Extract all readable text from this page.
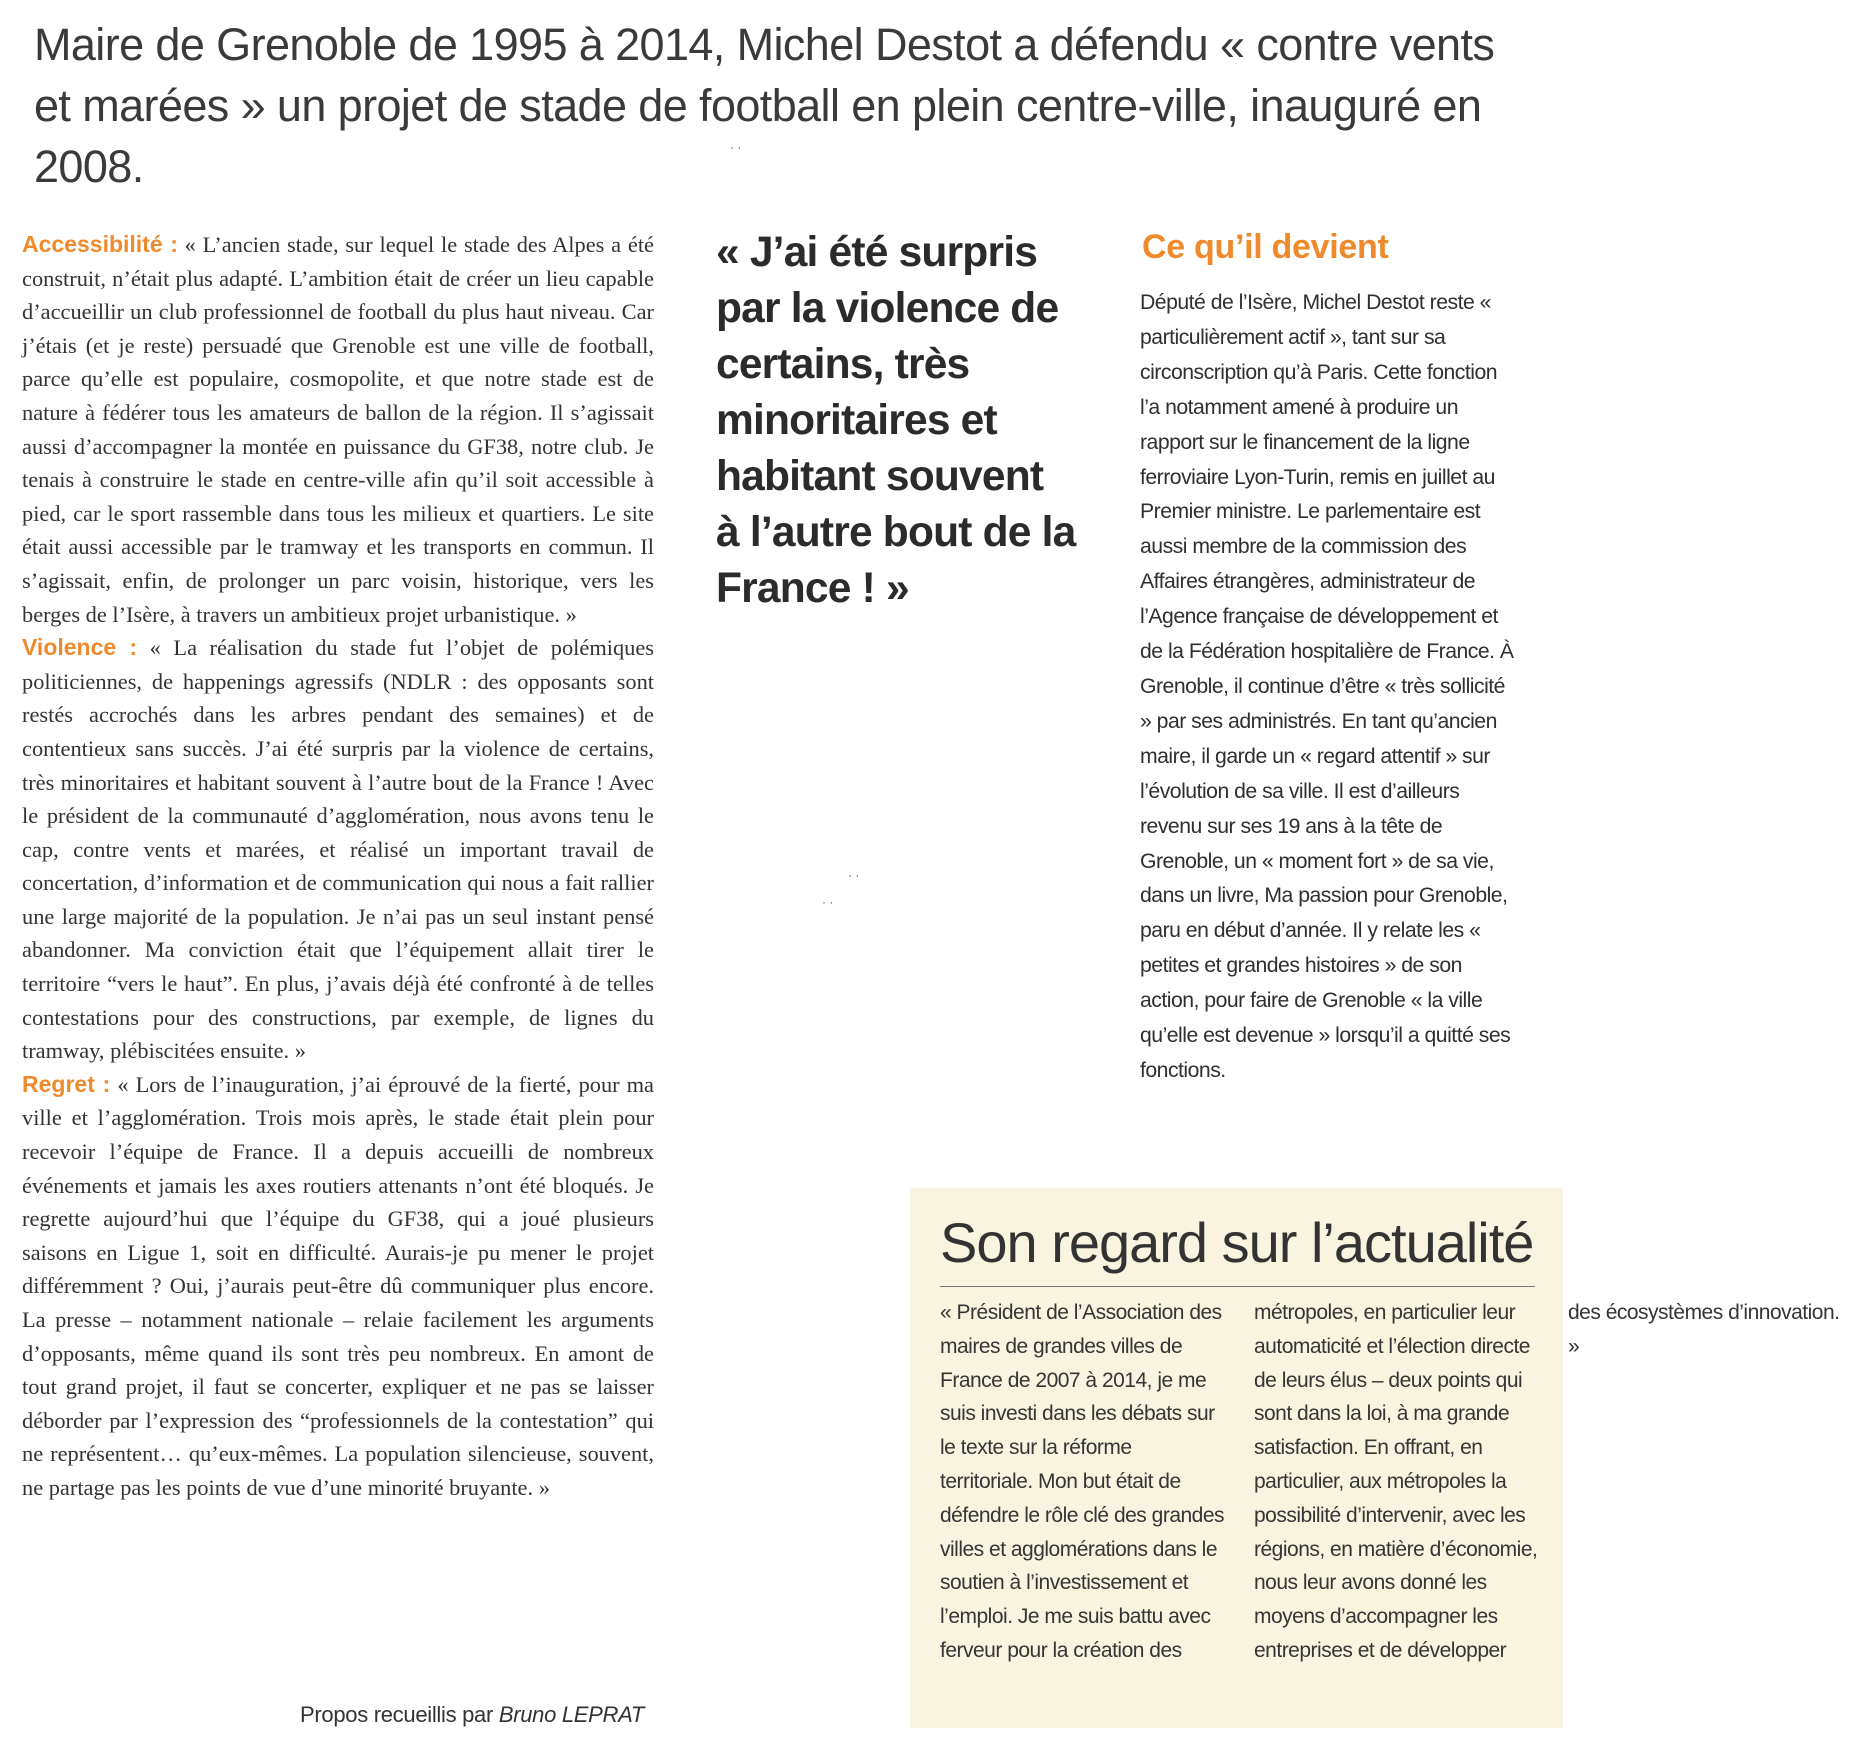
Maire de Grenoble de 1995 à 2014, Michel Destot a défendu « contre vents et marées » un projet de stade de football en plein centre-ville, inauguré en 2008.

Accessibilité : « L’ancien stade, sur lequel le stade des Alpes a été construit, n’était plus adapté. L’ambition était de créer un lieu capable d’accueillir un club professionnel de football du plus haut niveau. Car j’étais (et je reste) persuadé que Grenoble est une ville de football, parce qu’elle est populaire, cosmopolite, et que notre stade est de nature à fédérer tous les amateurs de ballon de la région. Il s’agissait aussi d’accompagner la montée en puissance du GF38, notre club. Je tenais à construire le stade en centre-ville afin qu’il soit accessible à pied, car le sport rassemble dans tous les milieux et quartiers. Le site était aussi accessible par le tramway et les transports en commun. Il s’agissait, enfin, de prolonger un parc voisin, historique, vers les berges de l’Isère, à travers un ambitieux projet urbanistique. »

Violence : « La réalisation du stade fut l’objet de polémiques politiciennes, de happenings agressifs (NDLR : des opposants sont restés accrochés dans les arbres pendant des semaines) et de contentieux sans succès. J’ai été surpris par la violence de certains, très minoritaires et habitant souvent à l’autre bout de la France ! Avec le président de la communauté d’agglomération, nous avons tenu le cap, contre vents et marées, et réalisé un important travail de concertation, d’information et de communication qui nous a fait rallier une large majorité de la population. Je n’ai pas un seul instant pensé abandonner. Ma conviction était que l’équipement allait tirer le territoire “vers le haut”. En plus, j’avais déjà été confronté à de telles contestations pour des constructions, par exemple, de lignes du tramway, plébiscitées ensuite. »

Regret : « Lors de l’inauguration, j’ai éprouvé de la fierté, pour ma ville et l’agglomération. Trois mois après, le stade était plein pour recevoir l’équipe de France. Il a depuis accueilli de nombreux événements et jamais les axes routiers attenants n’ont été bloqués. Je regrette aujourd’hui que l’équipe du GF38, qui a joué plusieurs saisons en Ligue 1, soit en difficulté. Aurais-je pu mener le projet différemment ? Oui, j’aurais peut-être dû communiquer plus encore. La presse – notamment nationale – relaie facilement les arguments d’opposants, même quand ils sont très peu nombreux. En amont de tout grand projet, il faut se concerter, expliquer et ne pas se laisser déborder par l’expression des “professionnels de la contestation” qui ne représentent… qu’eux-mêmes. La population silencieuse, souvent, ne partage pas les points de vue d’une minorité bruyante. »

Propos recueillis par Bruno LEPRAT

« J’ai été surpris par la violence de certains, très minoritaires et habitant souvent à l’autre bout de la France ! »

Ce qu’il devient

Député de l’Isère, Michel Destot reste « particulièrement actif », tant sur sa circonscription qu’à Paris. Cette fonction l’a notamment amené à produire un rapport sur le financement de la ligne ferroviaire Lyon-Turin, remis en juillet au Premier ministre. Le parlementaire est aussi membre de la commission des Affaires étrangères, administrateur de l’Agence française de développement et de la Fédération hospitalière de France. À Grenoble, il continue d’être « très sollicité » par ses administrés. En tant qu’ancien maire, il garde un « regard attentif » sur l’évolution de sa ville. Il est d’ailleurs revenu sur ses 19 ans à la tête de Grenoble, un « moment fort » de sa vie, dans un livre, Ma passion pour Grenoble, paru en début d’année. Il y relate les « petites et grandes histoires » de son action, pour faire de Grenoble « la ville qu’elle est devenue » lorsqu’il a quitté ses fonctions.

Son regard sur l’actualité
« Président de l’Association des maires de grandes villes de France de 2007 à 2014, je me suis investi dans les débats sur le texte sur la réforme territoriale. Mon but était de défendre le rôle clé des grandes villes et agglomérations dans le soutien à l’investissement et l’emploi. Je me suis battu avec ferveur pour la création des métropoles, en particulier leur automaticité et l’élection directe de leurs élus – deux points qui sont dans la loi, à ma grande satisfaction. En offrant, en particulier, aux métropoles la possibilité d’intervenir, avec les régions, en matière d’économie, nous leur avons donné les moyens d’accompagner les entreprises et de développer des écosystèmes d’innovation. »
· ·
· ·
· ·
